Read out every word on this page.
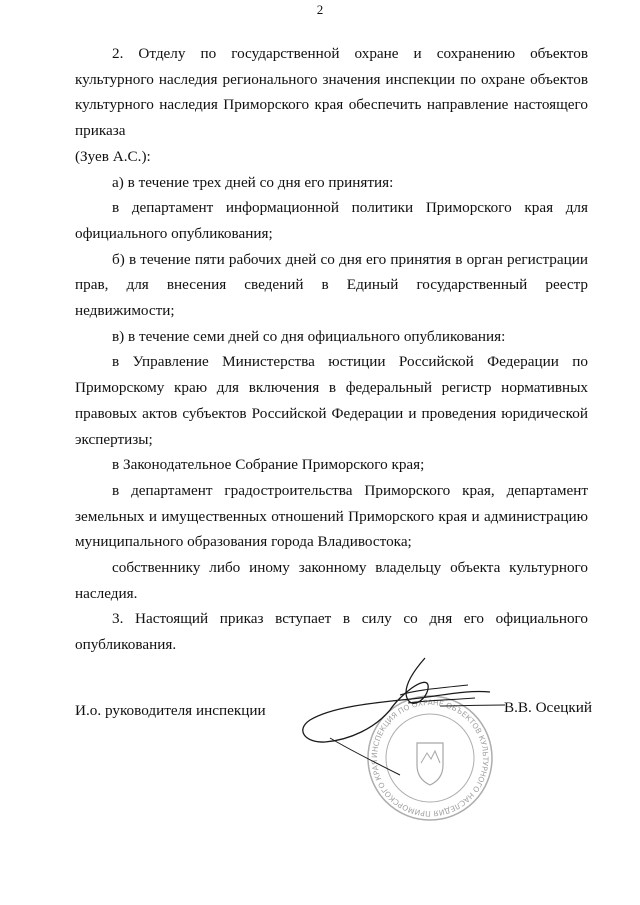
2

2. Отделу по государственной охране и сохранению объектов

культурного наследия регионального значения инспекции по охране объектов

культурного наследия Приморского края обеспечить направление настоящего

приказа

(Зуев А.С.):

а) в течение трех дней со дня его принятия:

в департамент информационной политики Приморского края для

официального опубликования;

б) в течение пяти рабочих дней со дня его принятия в орган регистрации

прав, для внесения сведений в Единый государственный реестр недвижимости;

в) в течение семи дней со дня официального опубликования:

в Управление Министерства юстиции Российской Федерации по

Приморскому краю для включения в федеральный регистр нормативных

правовых актов субъектов Российской Федерации и проведения юридической

экспертизы;

в Законодательное Собрание Приморского края;

в департамент градостроительства Приморского края, департамент

земельных и имущественных отношений Приморского края и администрацию

муниципального образования города Владивостока;

собственнику либо иному законному владельцу объекта культурного

наследия.

3. Настоящий приказ вступает в силу со дня его официального

опубликования.

И.о. руководителя инспекции	В.В. Осецкий
ИНСПЕКЦИЯ ПО ОХРАНЕ ОБЪЕКТОВ КУЛЬТУРНОГО НАСЛЕДИЯ ПРИМОРСКОГО КРАЯ
